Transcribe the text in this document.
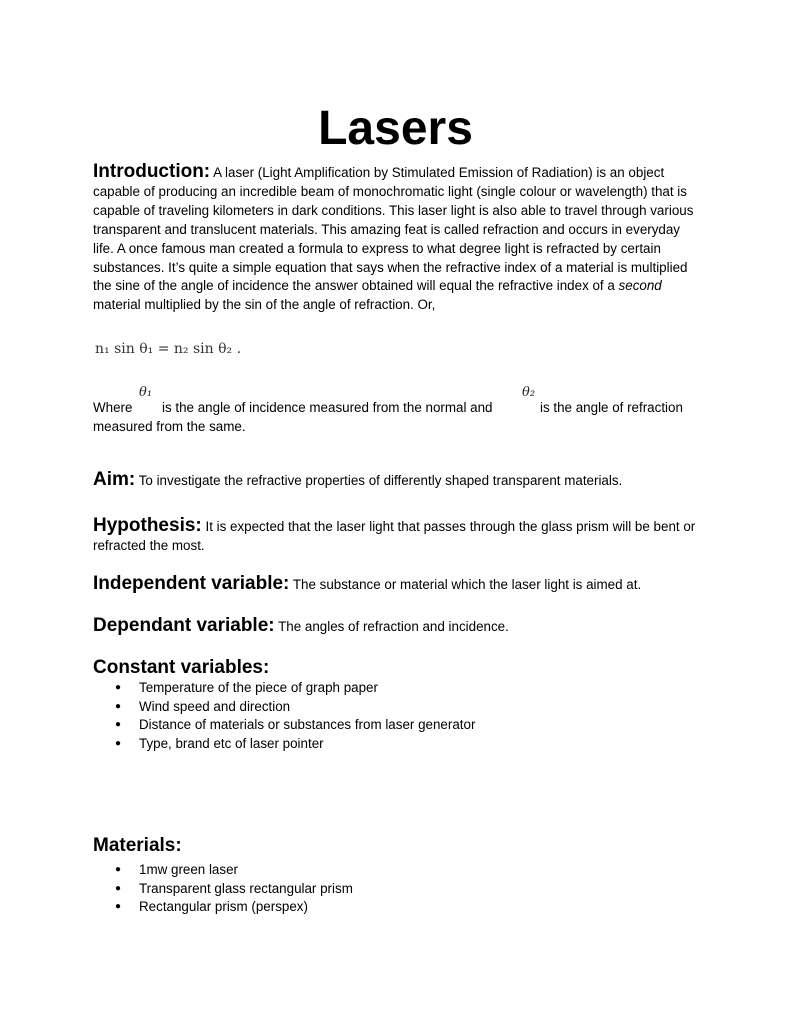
Lasers

Introduction: A laser (Light Amplification by Stimulated Emission of Radiation) is an object capable of producing an incredible beam of monochromatic light (single colour or wavelength) that is capable of traveling kilometers in dark conditions. This laser light is also able to travel through various transparent and translucent materials. This amazing feat is called refraction and occurs in everyday life. A once famous man created a formula to express to what degree light is refracted by certain substances. It’s quite a simple equation that says when the refractive index of a material is multiplied the sine of the angle of incidence the answer obtained will equal the refractive index of a second material multiplied by the sin of the angle of refraction. Or,

n₁ sin θ₁ = n₂ sin θ₂ .
θ₁	θ₂
Where is the angle of incidence measured from the normal and	is the angle of refraction
measured from the same.

Aim: To investigate the refractive properties of differently shaped transparent materials.

Hypothesis: It is expected that the laser light that passes through the glass prism will be bent or refracted the most.

Independent variable: The substance or material which the laser light is aimed at.

Dependant variable: The angles of refraction and incidence.

Constant variables:
● Temperature of the piece of graph paper
● Wind speed and direction
● Distance of materials or substances from laser generator
● Type, brand etc of laser pointer
Materials:
● 1mw green laser
● Transparent glass rectangular prism
● Rectangular prism (perspex)
